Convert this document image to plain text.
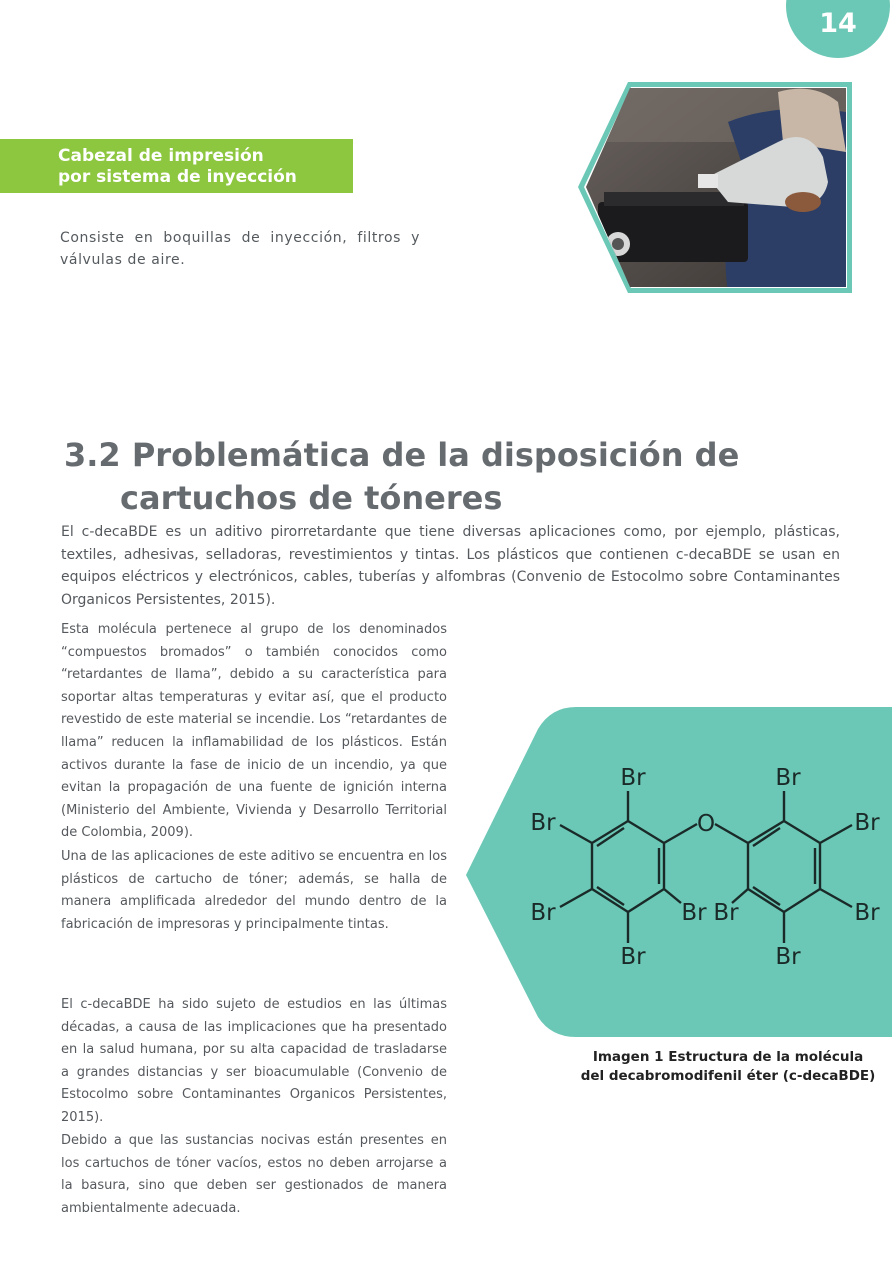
14
Cabezal de impresión
por sistema de inyección

Consiste en boquillas de inyección, filtros y válvulas de aire.

3.2 Problemática de la disposición de
cartuchos de tóneres

El c-decaBDE es un aditivo pirorretardante que tiene diversas aplicaciones como, por ejemplo, plásticas, textiles, adhesivas, selladoras, revestimientos y tintas. Los plásticos que contienen c-decaBDE se usan en equipos eléctricos y electrónicos, cables, tuberías y alfombras (Convenio de Estocolmo sobre Contaminantes Organicos Persistentes, 2015).

Esta molécula pertenece al grupo de los denominados “compuestos bromados” o también conocidos como “retardantes de llama”, debido a su característica para soportar altas temperaturas y evitar así, que el producto revestido de este material se incendie. Los “retardantes de llama” reducen la inflamabilidad de los plásticos. Están activos durante la fase de inicio de un incendio, ya que evitan la propagación de una fuente de ignición interna (Ministerio del Ambiente, Vivienda y Desarrollo Territorial de Colombia, 2009).

Una de las aplicaciones de este aditivo se encuentra en los plásticos de cartucho de tóner; además, se halla de manera amplificada alrededor del mundo dentro de la fabricación de impresoras y principalmente tintas.

El c-decaBDE ha sido sujeto de estudios en las últimas décadas, a causa de las implicaciones que ha presentado en la salud humana, por su alta capacidad de trasladarse a grandes distancias y ser bioacumulable (Convenio de Estocolmo sobre Contaminantes Organicos Persistentes, 2015).

Debido a que las sustancias nocivas están presentes en los cartuchos de tóner vacíos, estos no deben arrojarse a la basura, sino que deben ser gestionados de manera ambientalmente adecuada.

O
Br
Br
Br
Br
Br
Br
Br
Br
Br
Br
Imagen 1 Estructura de la molécula
del decabromodifenil éter (c-decaBDE)
